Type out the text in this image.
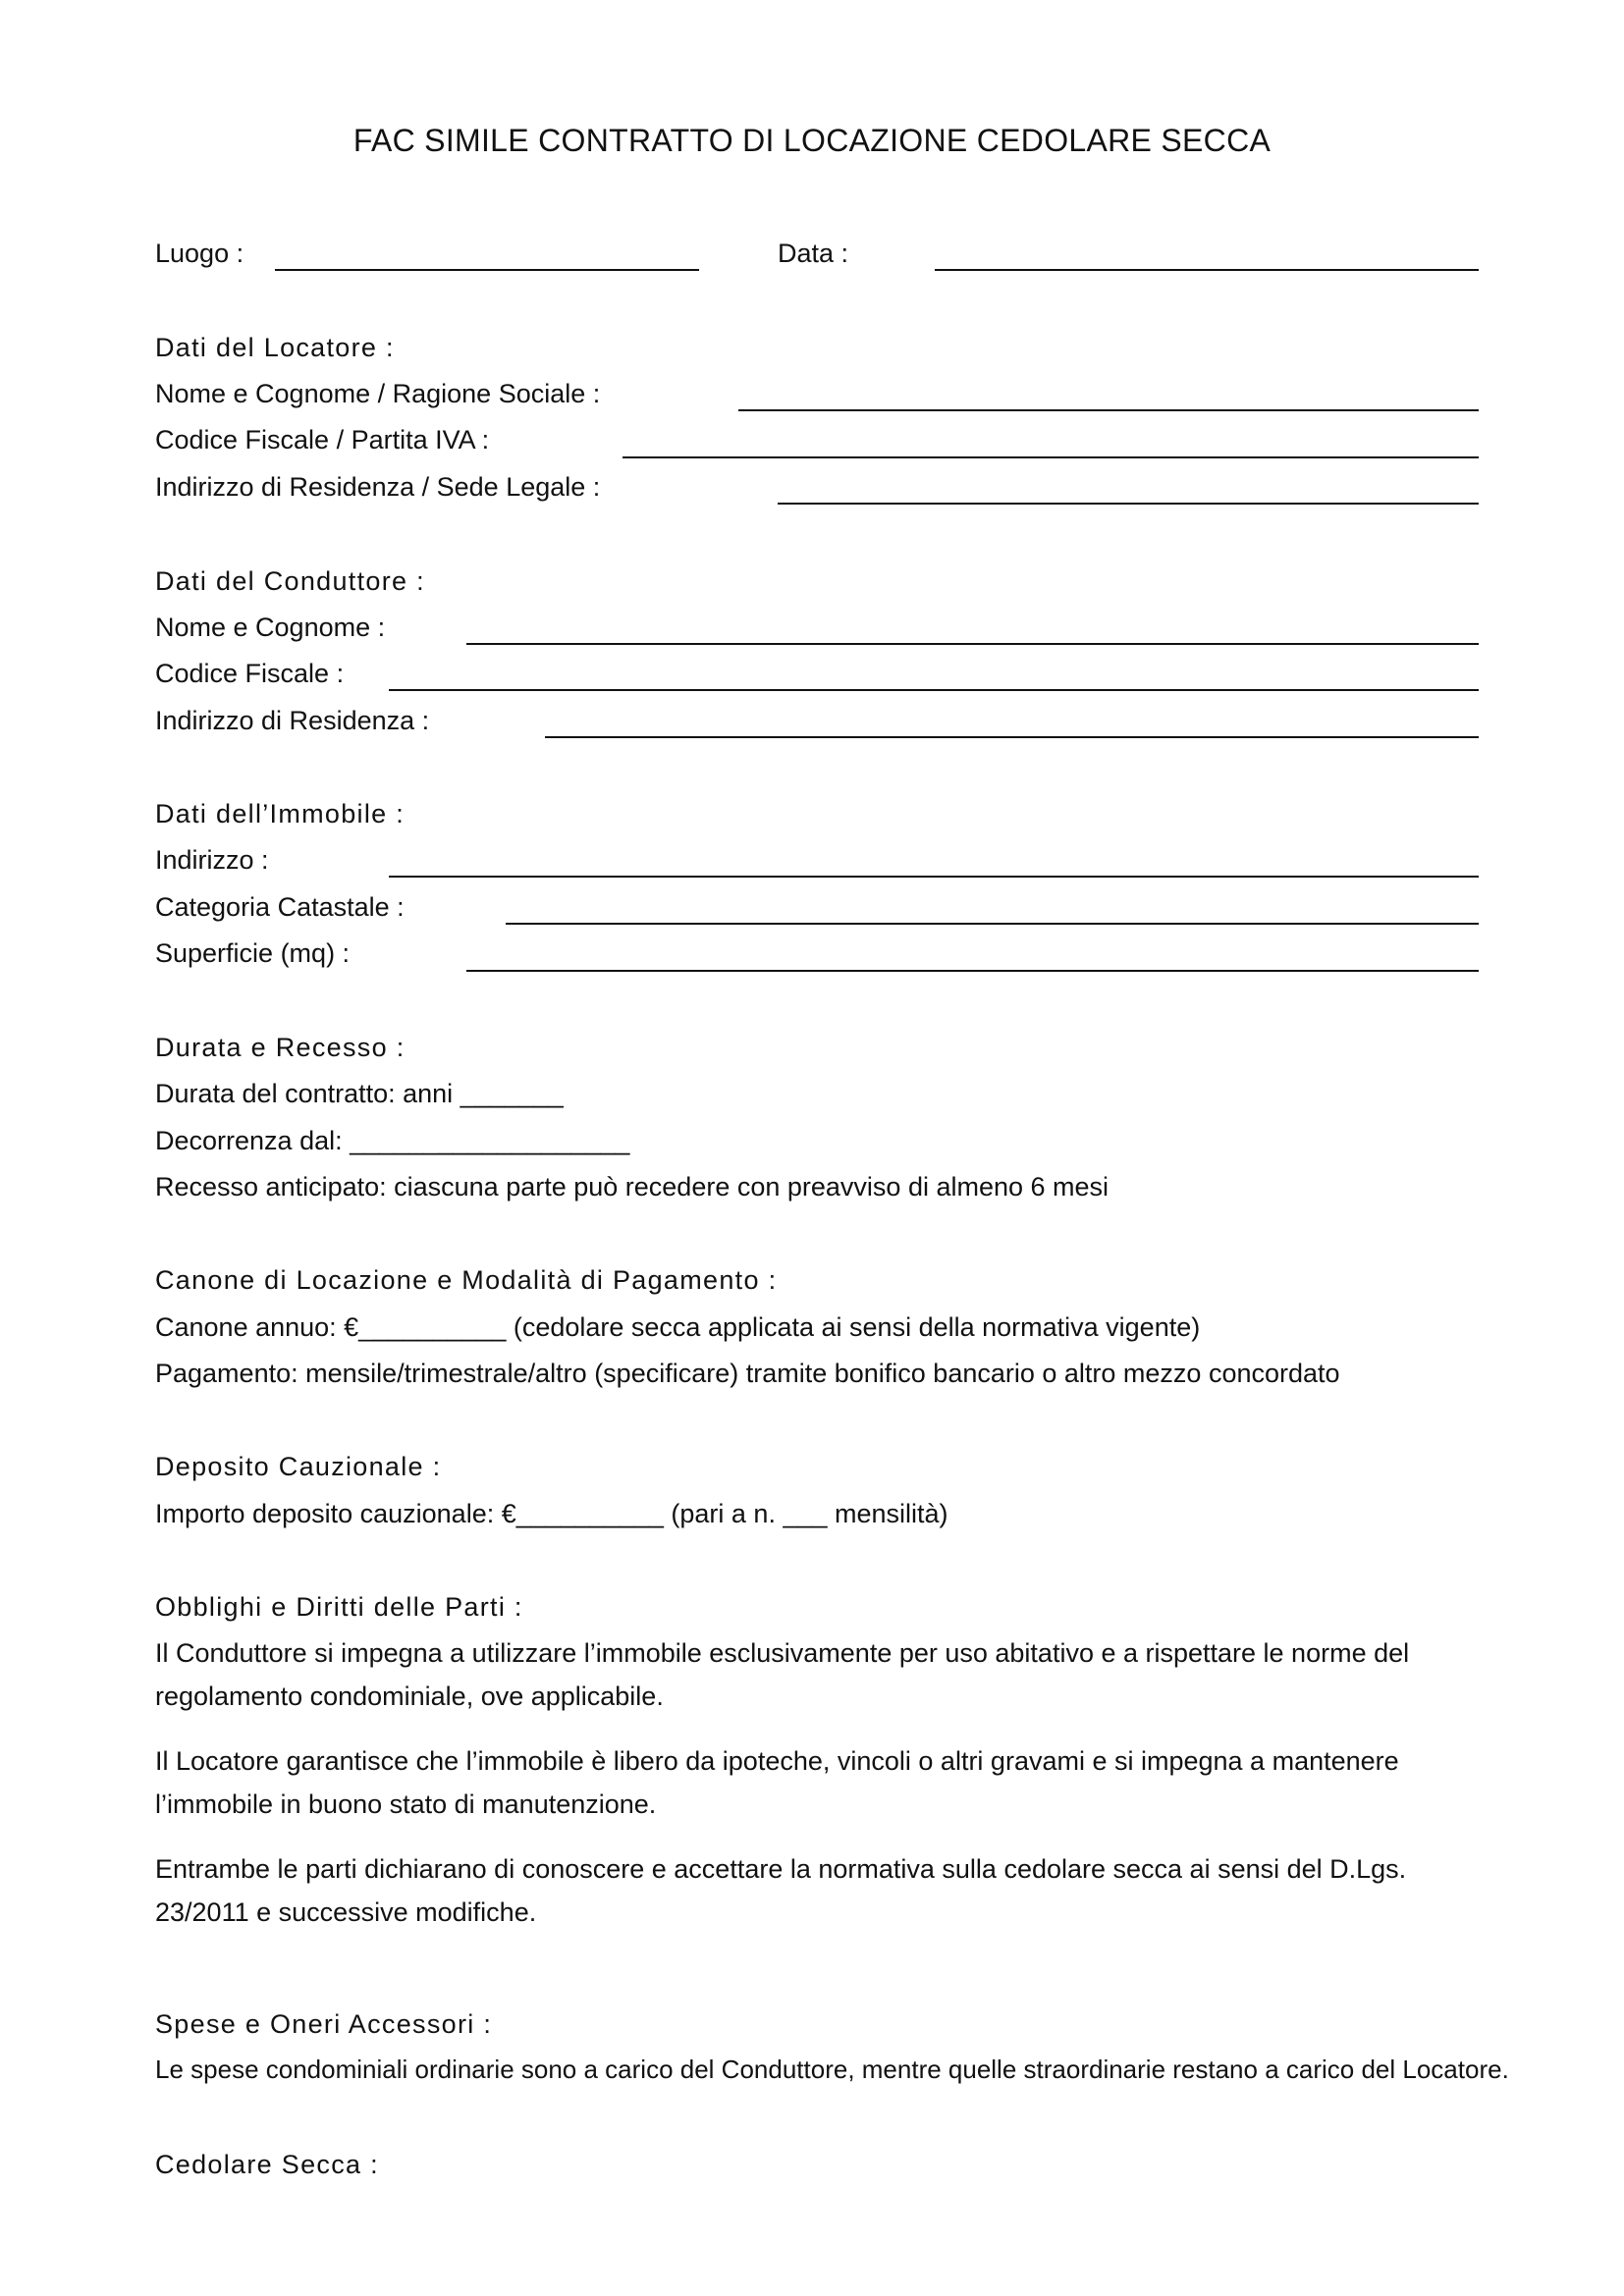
FAC SIMILE CONTRATTO DI LOCAZIONE CEDOLARE SECCA
Luogo :	Data :
Dati del Locatore :
Nome e Cognome / Ragione Sociale :
Codice Fiscale / Partita IVA :
Indirizzo di Residenza / Sede Legale :
Dati del Conduttore :
Nome e Cognome :
Codice Fiscale :
Indirizzo di Residenza :
Dati dell’Immobile :
Indirizzo :
Categoria Catastale :
Superficie (mq) :
Durata e Recesso :
Durata del contratto: anni _______
Decorrenza dal: ___________________
Recesso anticipato: ciascuna parte può recedere con preavviso di almeno 6 mesi
Canone di Locazione e Modalità di Pagamento :
Canone annuo: €__________ (cedolare secca applicata ai sensi della normativa vigente)
Pagamento: mensile/trimestrale/altro (specificare) tramite bonifico bancario o altro mezzo concordato
Deposito Cauzionale :
Importo deposito cauzionale: €__________ (pari a n. ___ mensilità)
Obblighi e Diritti delle Parti :
Il Conduttore si impegna a utilizzare l’immobile esclusivamente per uso abitativo e a rispettare le norme del
regolamento condominiale, ove applicabile.
Il Locatore garantisce che l’immobile è libero da ipoteche, vincoli o altri gravami e si impegna a mantenere
l’immobile in buono stato di manutenzione.
Entrambe le parti dichiarano di conoscere e accettare la normativa sulla cedolare secca ai sensi del D.Lgs.
23/2011 e successive modifiche.
Spese e Oneri Accessori :
Le spese condominiali ordinarie sono a carico del Conduttore, mentre quelle straordinarie restano a carico del Locatore.
Cedolare Secca :
